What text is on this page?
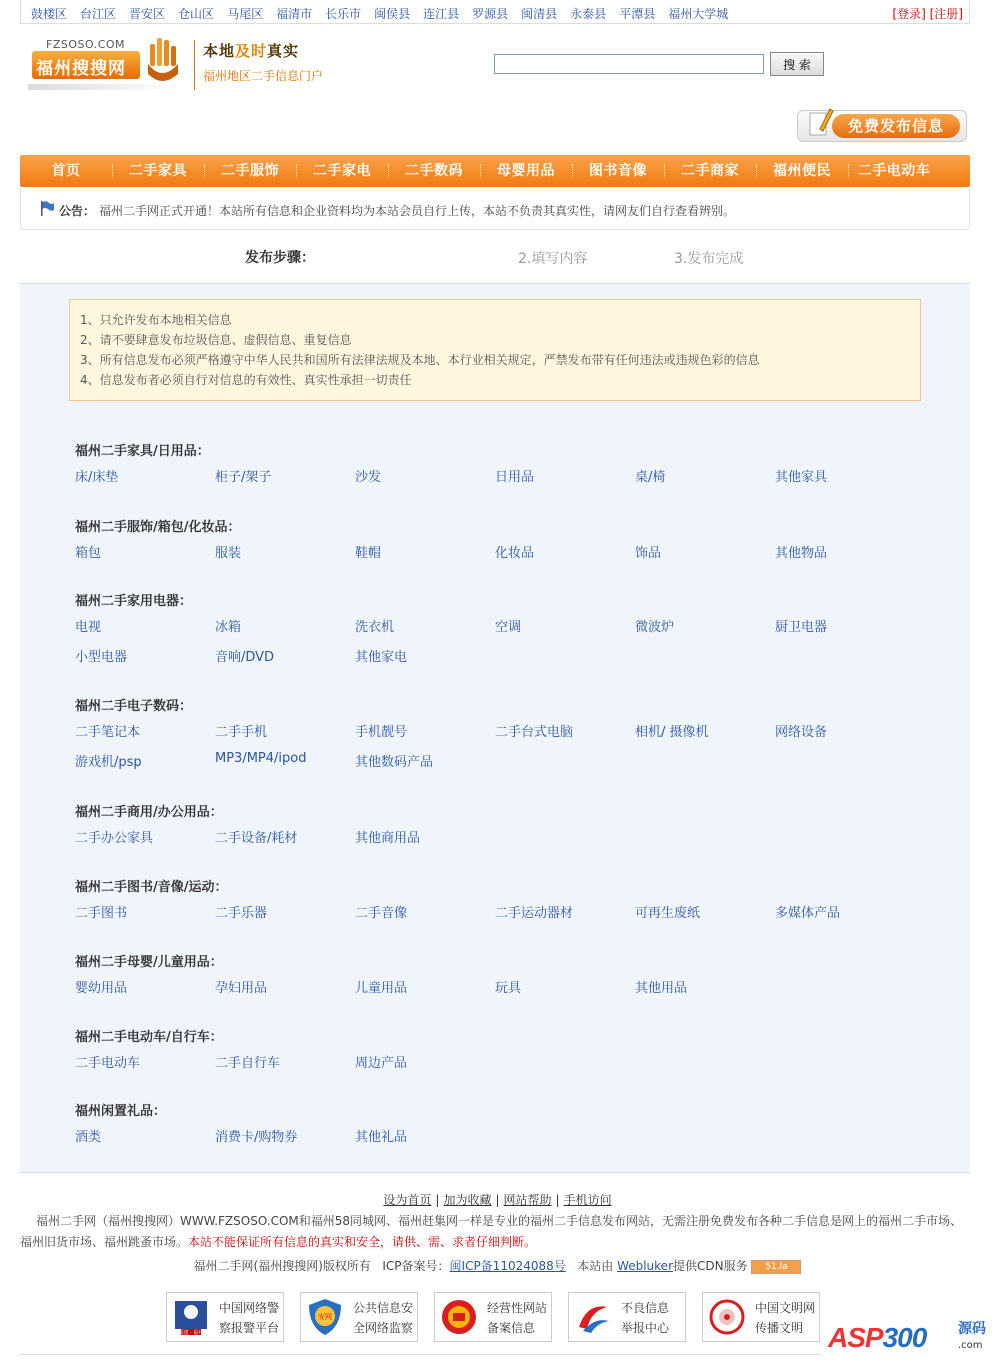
鼓楼区 台江区 晋安区 仓山区 马尾区 福清市 长乐市 闽侯县 连江县 罗源县 闽清县 永泰县 平潭县 福州大学城	[登录] [注册]
FZSOSO.COM
福州搜搜网
本地及时真实
福州地区二手信息门户
搜 索
免费发布信息
首页	二手家具	二手服饰	二手家电	二手数码	母婴用品	图书音像	二手商家	福州便民	二手电动车
公告： 福州二手网正式开通！本站所有信息和企业资料均为本站会员自行上传，本站不负责其真实性，请网友们自行查看辨别。
发布步骤：	2.填写内容	3.发布完成
1、只允许发布本地相关信息
2、请不要肆意发布垃圾信息、虚假信息、重复信息
3、所有信息发布必须严格遵守中华人民共和国所有法律法规及本地、本行业相关规定，严禁发布带有任何违法或违规色彩的信息
4、信息发布者必须自行对信息的有效性、真实性承担一切责任
福州二手家具/日用品：
床/床垫	柜子/架子	沙发	日用品	桌/椅	其他家具
福州二手服饰/箱包/化妆品：
箱包	服装	鞋帽	化妆品	饰品	其他物品
福州二手家用电器：
电视	冰箱	洗衣机	空调	微波炉	厨卫电器
小型电器	音响/DVD	其他家电
福州二手电子数码：
二手笔记本	二手手机	手机靓号	二手台式电脑	相机/ 摄像机	网络设备
游戏机/psp	MP3/MP4/ipod	其他数码产品
福州二手商用/办公用品：
二手办公家具	二手设备/耗材	其他商用品
福州二手图书/音像/运动：
二手图书	二手乐器	二手音像	二手运动器材	可再生废纸	多媒体产品
福州二手母婴/儿童用品：
婴幼用品	孕妇用品	儿童用品	玩具	其他用品
福州二手电动车/自行车：
二手电动车	二手自行车	周边产品
福州闲置礼品：
酒类	消费卡/购物券	其他礼品
设为首页 | 加为收藏 | 网站帮助 | 手机访问
福州二手网（福州搜搜网）WWW.FZSOSO.COM和福州58同城网、福州赶集网一样是专业的福州二手信息发布网站，无需注册免费发布各种二手信息是网上的福州二手市场、福州旧货市场、福州跳蚤市场。本站不能保证所有信息的真实和安全，请供、需、求者仔细判断。
福州二手网(福州搜搜网)版权所有 ICP备案号：闽ICP备11024088号 本站由 Webluker提供CDN服务 51.la
福建 · 福州
中国网络警
察报警平台
安网
公共信息安
全网络监察
经营性网站
备案信息
不良信息
举报中心
中国文明网
传播文明 ASP300 源码
.com
